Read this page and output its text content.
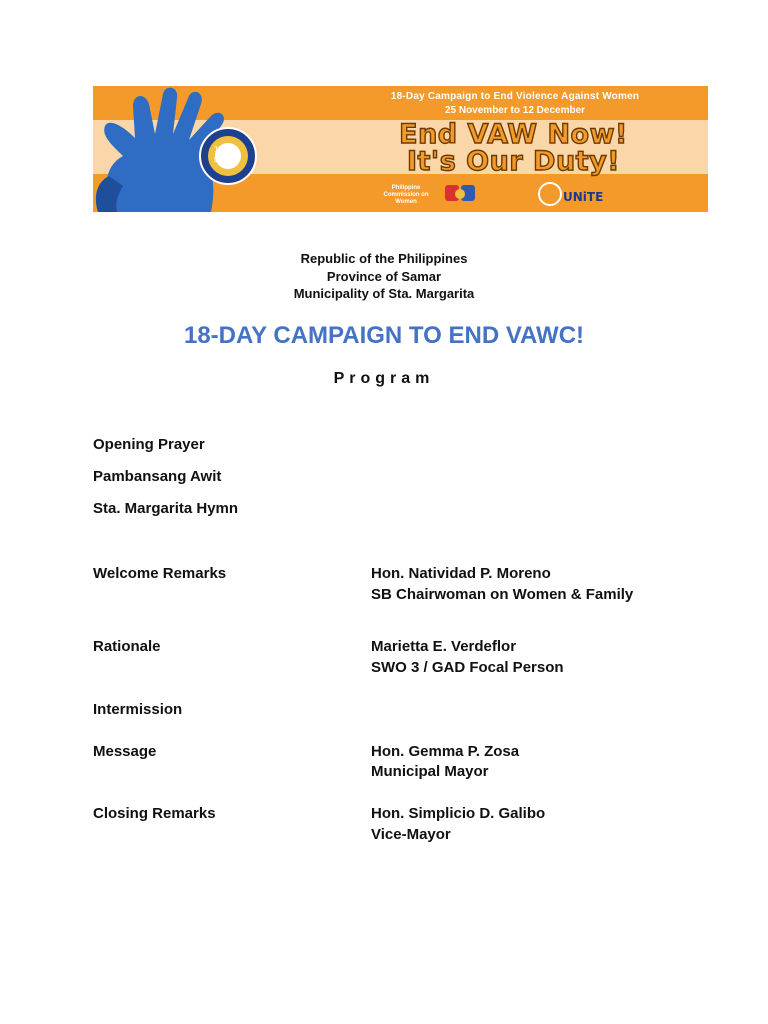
18
DAY
18-Day Campaign to End Violence Against Women
25 November to 12 December
End VAW Now!
It's Our Duty!
Philippine Commission on Women	UNiTE
Republic of the Philippines
Province of Samar
Municipality of Sta. Margarita
18-DAY CAMPAIGN TO END VAWC!
Program
Opening Prayer
Pambansang Awit
Sta. Margarita Hymn
Welcome Remarks	Hon. Natividad P. Moreno
SB Chairwoman on Women & Family
Rationale	Marietta E. Verdeflor
SWO 3 / GAD Focal Person
Intermission
Message	Hon. Gemma P. Zosa
Municipal Mayor
Closing Remarks	Hon. Simplicio D. Galibo
Vice-Mayor
